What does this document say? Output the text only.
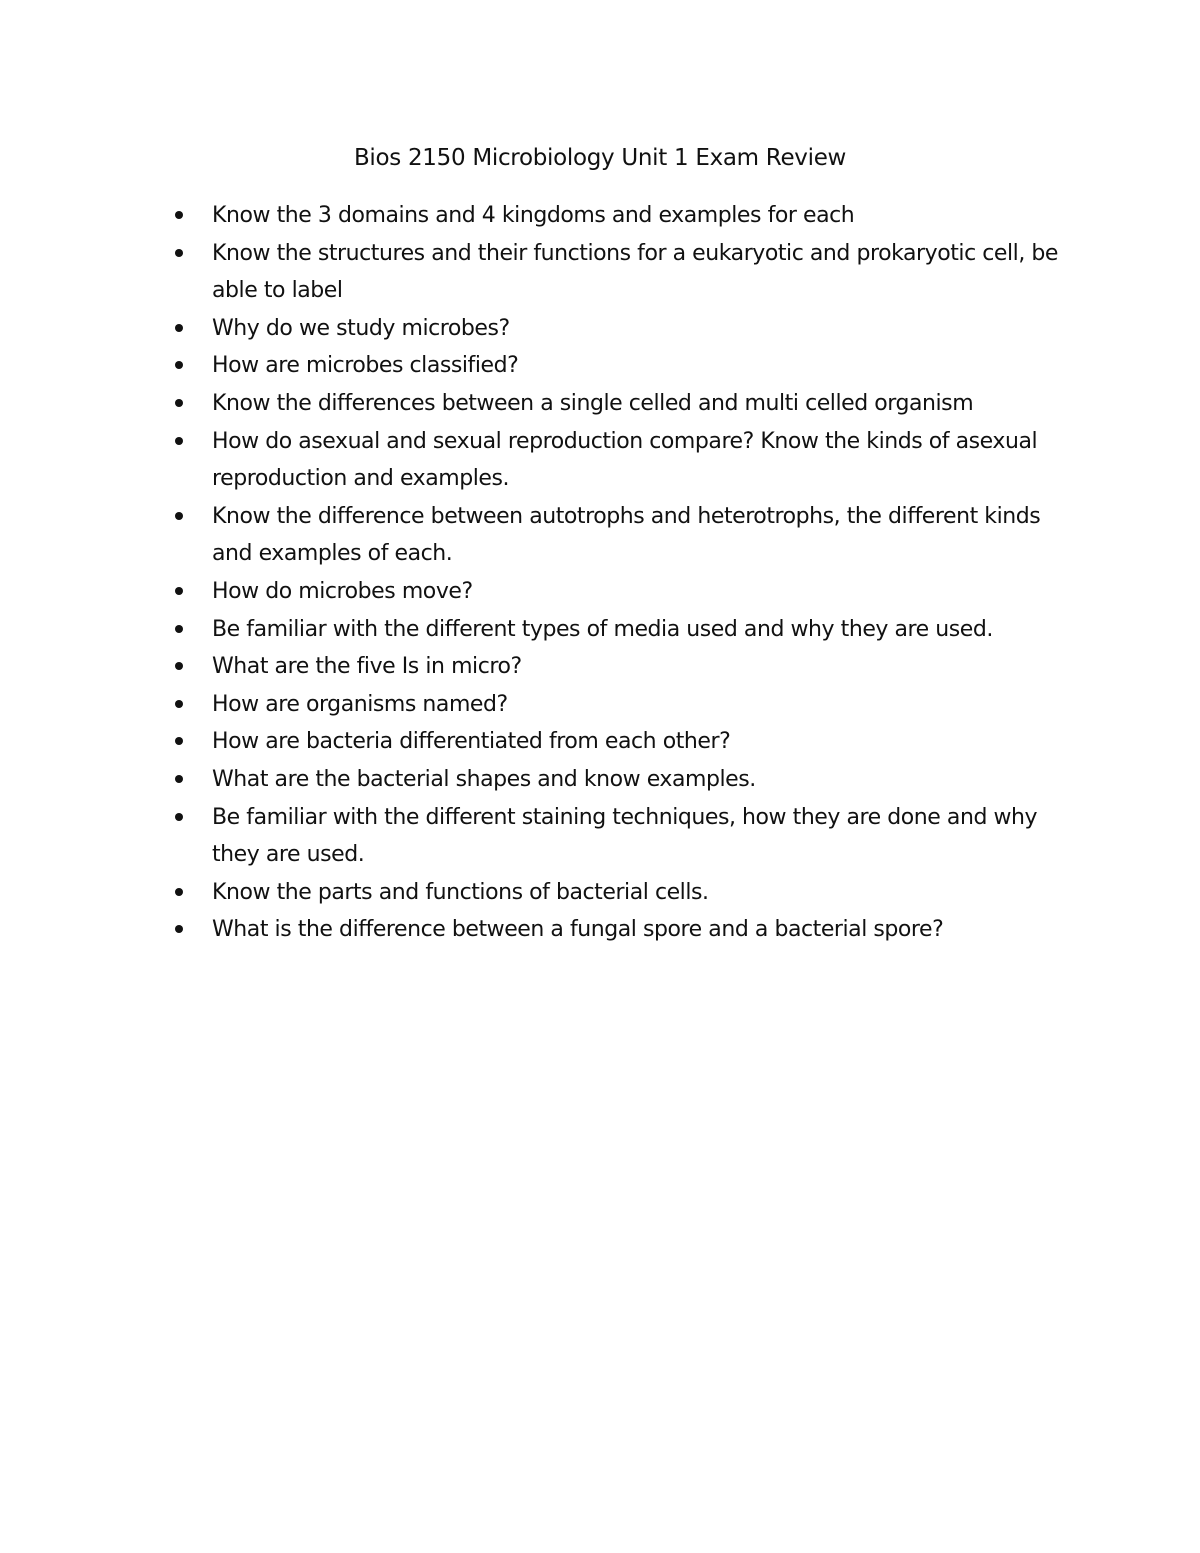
Bios 2150 Microbiology Unit 1 Exam Review
Know the 3 domains and 4 kingdoms and examples for each
Know the structures and their functions for a eukaryotic and prokaryotic cell, be able to label
Why do we study microbes?
How are microbes classified?
Know the differences between a single celled and multi celled organism
How do asexual and sexual reproduction compare? Know the kinds of asexual reproduction and examples.
Know the difference between autotrophs and heterotrophs, the different kinds and examples of each.
How do microbes move?
Be familiar with the different types of media used and why they are used.
What are the five Is in micro?
How are organisms named?
How are bacteria differentiated from each other?
What are the bacterial shapes and know examples.
Be familiar with the different staining techniques, how they are done and why they are used.
Know the parts and functions of bacterial cells.
What is the difference between a fungal spore and a bacterial spore?
